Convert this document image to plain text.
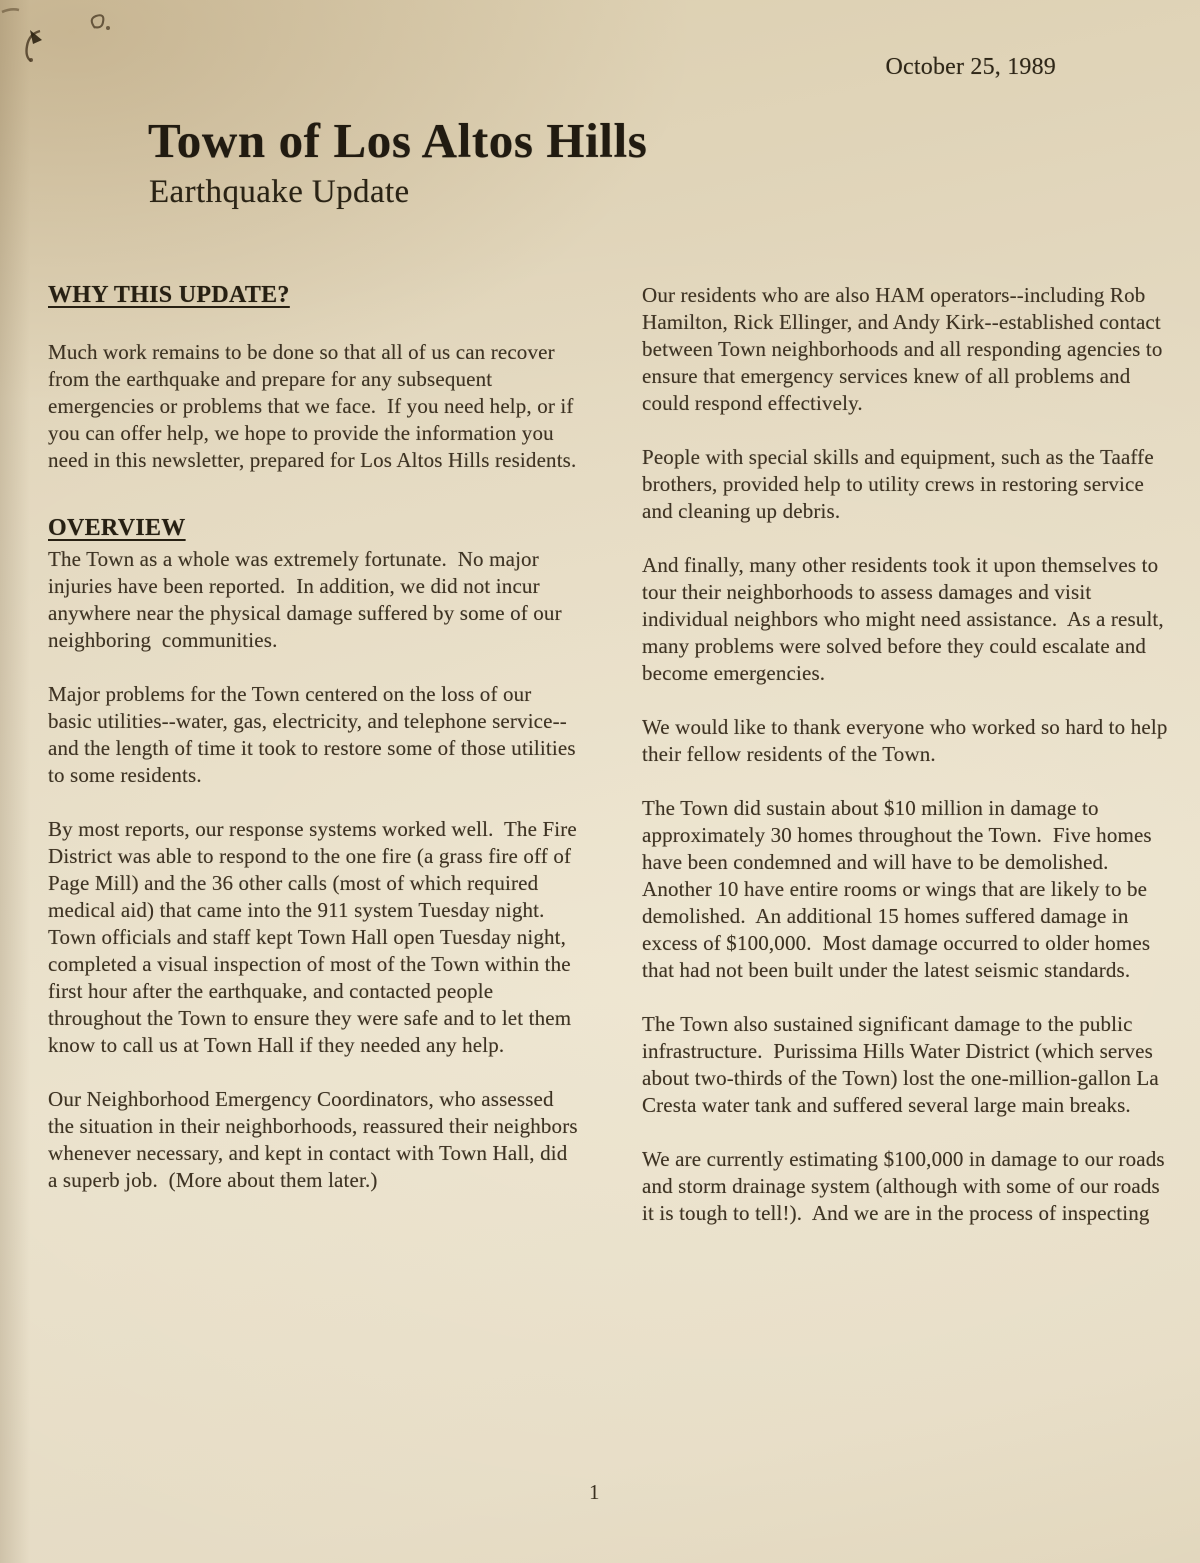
October 25, 1989
Town of Los Altos Hills
Earthquake Update
WHY THIS UPDATE?

Much work remains to be done so that all of us can recover from the earthquake and prepare for any subsequent emergencies or problems that we face.  If you need help, or if you can offer help, we hope to provide the information you need in this newsletter, prepared for Los Altos Hills residents.

OVERVIEW

The Town as a whole was extremely fortunate.  No major injuries have been reported.  In addition, we did not incur anywhere near the physical damage suffered by some of our neighboring  communities.

Major problems for the Town centered on the loss of our basic utilities--water, gas, electricity, and telephone service--and the length of time it took to restore some of those utilities to some residents.

By most reports, our response systems worked well.  The Fire District was able to respond to the one fire (a grass fire off of Page Mill) and the 36 other calls (most of which required medical aid) that came into the 911 system Tuesday night.  Town officials and staff kept Town Hall open Tuesday night, completed a visual inspection of most of the Town within the first hour after the earthquake, and contacted people throughout the Town to ensure they were safe and to let them know to call us at Town Hall if they needed any help.

Our Neighborhood Emergency Coordinators, who assessed the situation in their neighborhoods, reassured their neighbors whenever necessary, and kept in contact with Town Hall, did a superb job.  (More about them later.)

Our residents who are also HAM operators--including Rob Hamilton, Rick Ellinger, and Andy Kirk--established contact between Town neighborhoods and all responding agencies to ensure that emergency services knew of all problems and could respond effectively.

People with special skills and equipment, such as the Taaffe brothers, provided help to utility crews in restoring service and cleaning up debris.

And finally, many other residents took it upon themselves to tour their neighborhoods to assess damages and visit individual neighbors who might need assistance.  As a result, many problems were solved before they could escalate and become emergencies.

We would like to thank everyone who worked so hard to help their fellow residents of the Town.

The Town did sustain about $10 million in damage to approximately 30 homes throughout the Town.  Five homes have been condemned and will have to be demolished.  Another 10 have entire rooms or wings that are likely to be demolished.  An additional 15 homes suffered damage in excess of $100,000.  Most damage occurred to older homes that had not been built under the latest seismic standards.

The Town also sustained significant damage to the public infrastructure.  Purissima Hills Water District (which serves about two-thirds of the Town) lost the one-million-gallon La Cresta water tank and suffered several large main breaks.

We are currently estimating $100,000 in damage to our roads and storm drainage system (although with some of our roads it is tough to tell!).  And we are in the process of inspecting

1
